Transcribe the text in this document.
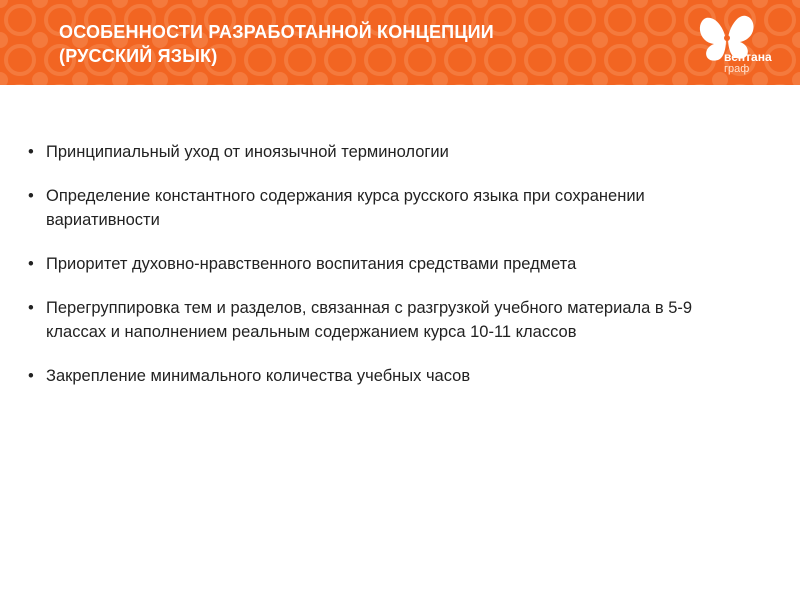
ОСОБЕННОСТИ РАЗРАБОТАННОЙ КОНЦЕПЦИИ
(РУССКИЙ ЯЗЫК)	вентана
граф
• Принципиальный уход от иноязычной терминологии
• Определение константного содержания курса русского языка при сохранении вариативности
• Приоритет духовно-нравственного воспитания средствами предмета
• Перегруппировка тем и разделов, связанная с разгрузкой учебного материала в 5-9 классах и наполнением реальным содержанием курса 10-11 классов
• Закрепление минимального количества учебных часов
